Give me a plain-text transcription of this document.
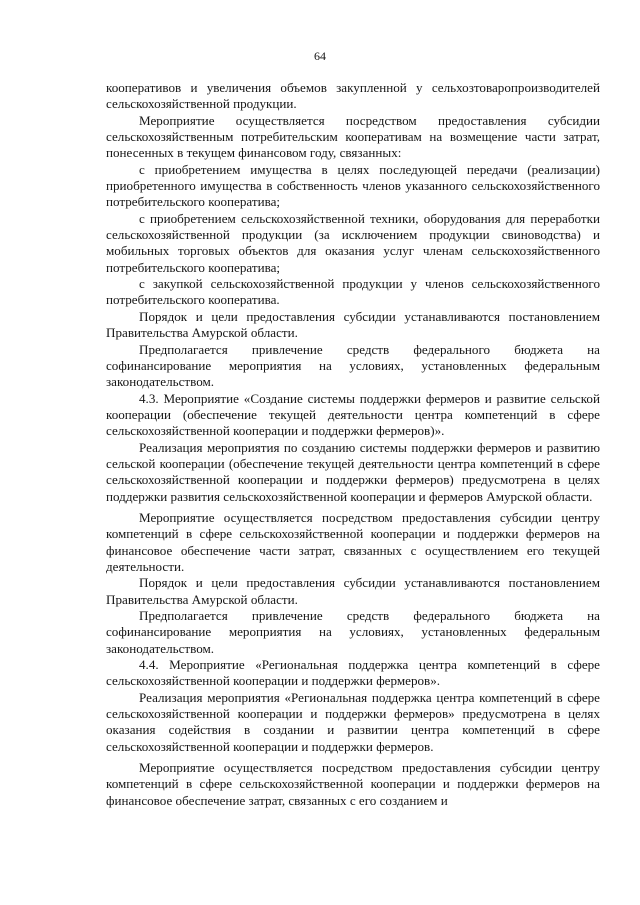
64

кооперативов и увеличения объемов закупленной у сельхозтоваропроизводителей сельскохозяйственной продукции.

Мероприятие осуществляется посредством предоставления субсидии сельскохозяйственным потребительским кооперативам на возмещение части затрат, понесенных в текущем финансовом году, связанных:

с приобретением имущества в целях последующей передачи (реализации) приобретенного имущества в собственность членов указанного сельскохозяйственного потребительского кооператива;

с приобретением сельскохозяйственной техники, оборудования для переработки сельскохозяйственной продукции (за исключением продукции свиноводства) и мобильных торговых объектов для оказания услуг членам сельскохозяйственного потребительского кооператива;

с закупкой сельскохозяйственной продукции у членов сельскохозяйственного потребительского кооператива.

Порядок и цели предоставления субсидии устанавливаются постановлением Правительства Амурской области.

Предполагается привлечение средств федерального бюджета на софинансирование мероприятия на условиях, установленных федеральным законодательством.

4.3. Мероприятие «Создание системы поддержки фермеров и развитие сельской кооперации (обеспечение текущей деятельности центра компетенций в сфере сельскохозяйственной кооперации и поддержки фермеров)».

Реализация мероприятия по созданию системы поддержки фермеров и развитию сельской кооперации (обеспечение текущей деятельности центра компетенций в сфере сельскохозяйственной кооперации и поддержки фермеров) предусмотрена в целях поддержки развития сельскохозяйственной кооперации и фермеров Амурской области.

Мероприятие осуществляется посредством предоставления субсидии центру компетенций в сфере сельскохозяйственной кооперации и поддержки фермеров на финансовое обеспечение части затрат, связанных с осуществлением его текущей деятельности.

Порядок и цели предоставления субсидии устанавливаются постановлением Правительства Амурской области.

Предполагается привлечение средств федерального бюджета на софинансирование мероприятия на условиях, установленных федеральным законодательством.

4.4. Мероприятие «Региональная поддержка центра компетенций в сфере сельскохозяйственной кооперации и поддержки фермеров».

Реализация мероприятия «Региональная поддержка центра компетенций в сфере сельскохозяйственной кооперации и поддержки фермеров» предусмотрена в целях оказания содействия в создании и развитии центра компетенций в сфере сельскохозяйственной кооперации и поддержки фермеров.

Мероприятие осуществляется посредством предоставления субсидии центру компетенций в сфере сельскохозяйственной кооперации и поддержки фермеров на финансовое обеспечение затрат, связанных с его созданием и
